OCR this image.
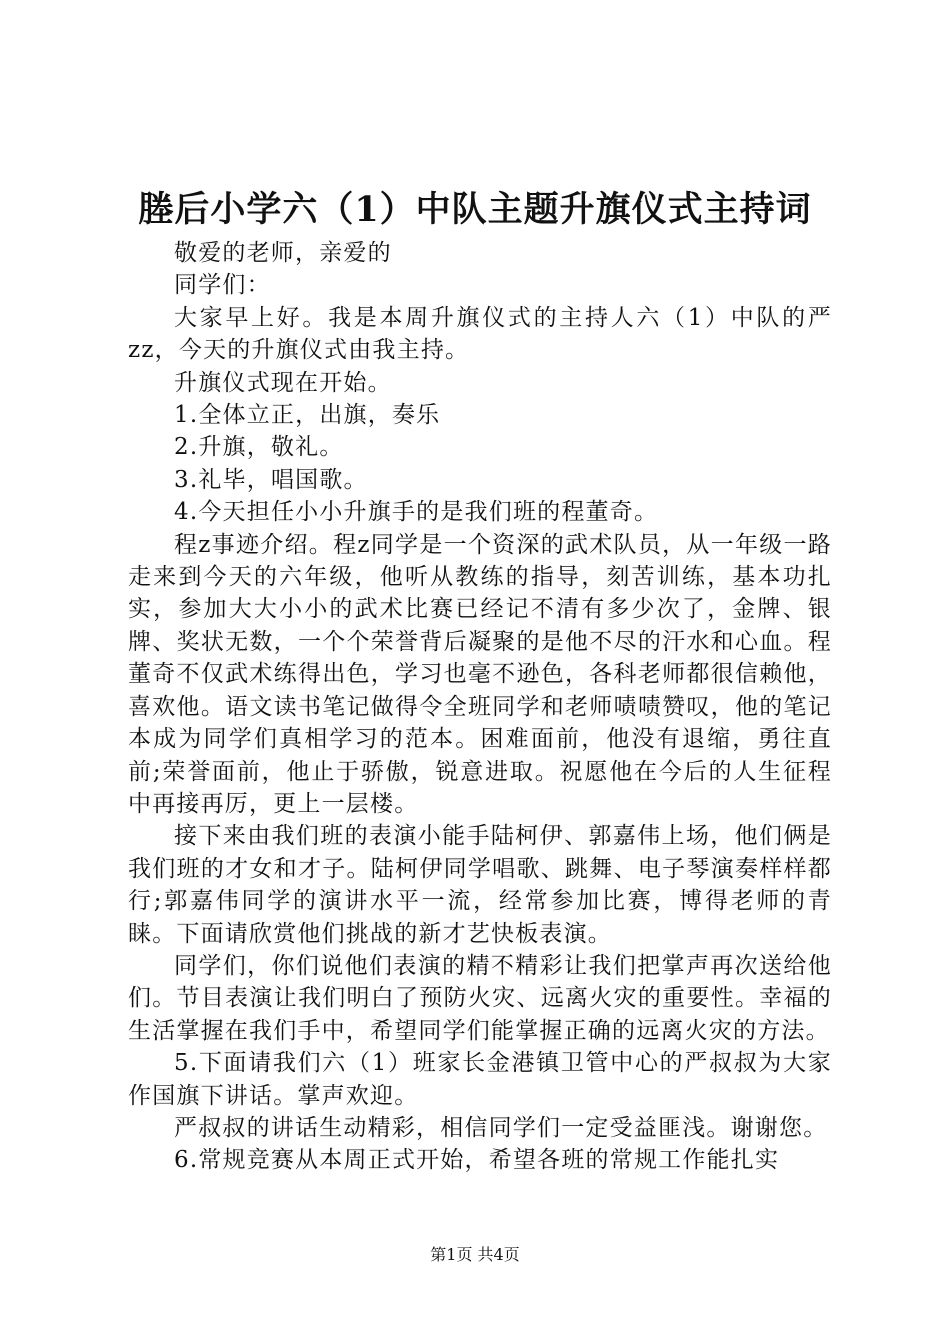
塍后小学六（1）中队主题升旗仪式主持词

敬爱的老师，亲爱的

同学们：

大家早上好。我是本周升旗仪式的主持人六（1）中队的严zz，今天的升旗仪式由我主持。

升旗仪式现在开始。

1.全体立正，出旗，奏乐

2.升旗，敬礼。

3.礼毕，唱国歌。

4.今天担任小小升旗手的是我们班的程董奇。

程z事迹介绍。程z同学是一个资深的武术队员，从一年级一路走来到今天的六年级，他听从教练的指导，刻苦训练，基本功扎实，参加大大小小的武术比赛已经记不清有多少次了，金牌、银牌、奖状无数，一个个荣誉背后凝聚的是他不尽的汗水和心血。程董奇不仅武术练得出色，学习也毫不逊色，各科老师都很信赖他，喜欢他。语文读书笔记做得令全班同学和老师啧啧赞叹，他的笔记本成为同学们真相学习的范本。困难面前，他没有退缩，勇往直前;荣誉面前，他止于骄傲，锐意进取。祝愿他在今后的人生征程中再接再厉，更上一层楼。

接下来由我们班的表演小能手陆柯伊、郭嘉伟上场，他们俩是我们班的才女和才子。陆柯伊同学唱歌、跳舞、电子琴演奏样样都行;郭嘉伟同学的演讲水平一流，经常参加比赛，博得老师的青睐。下面请欣赏他们挑战的新才艺快板表演。

同学们，你们说他们表演的精不精彩让我们把掌声再次送给他们。节目表演让我们明白了预防火灾、远离火灾的重要性。幸福的生活掌握在我们手中，希望同学们能掌握正确的远离火灾的方法。

5.下面请我们六（1）班家长金港镇卫管中心的严叔叔为大家作国旗下讲话。掌声欢迎。

严叔叔的讲话生动精彩，相信同学们一定受益匪浅。谢谢您。

6.常规竞赛从本周正式开始，希望各班的常规工作能扎实

第1页 共4页
